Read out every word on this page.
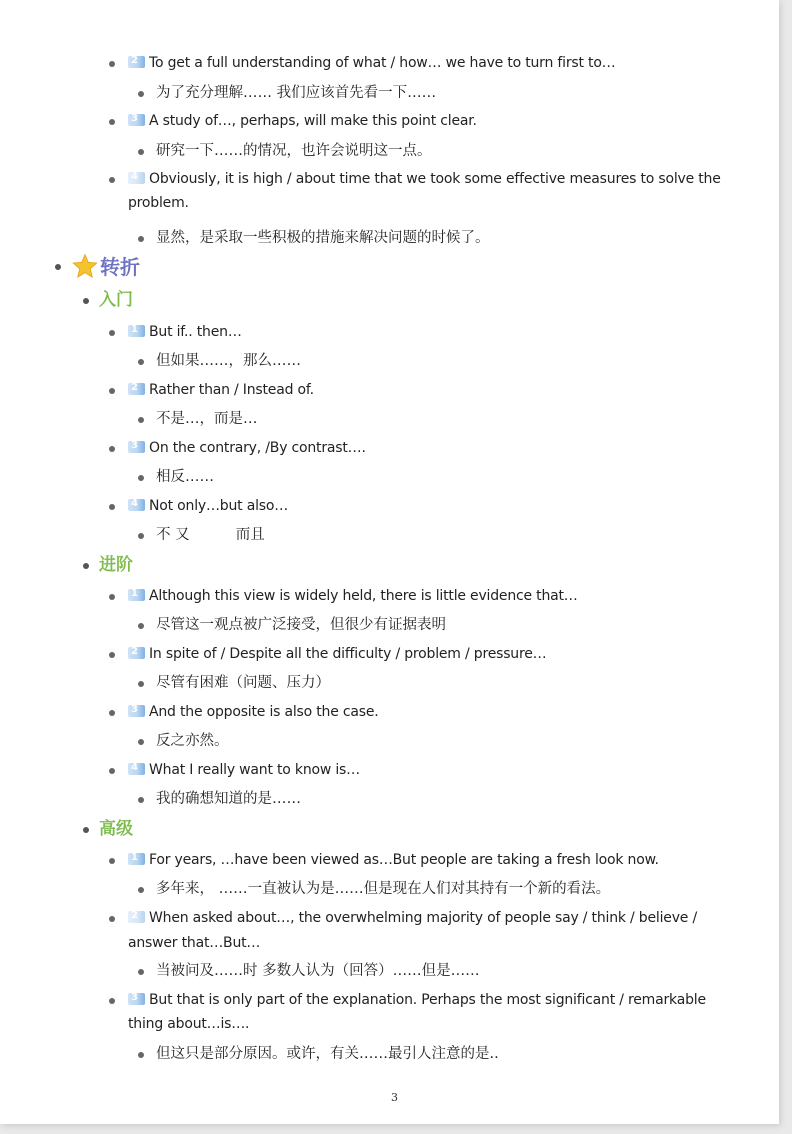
2 To get a full understanding of what / how… we have to turn first to…
为了充分理解…… 我们应该首先看一下……
3 A study of…, perhaps, will make this point clear.
研究一下……的情况，也许会说明这一点。
4 Obviously, it is high / about time that we took some effective measures to solve the
problem.
显然，是采取一些积极的措施来解决问题的时候了。
转折
入门
1 But if.. then…
但如果……，那么……
2 Rather than / Instead of.
不是…，而是…
3 On the contrary, /By contrast….
相反……
4 Not only…but also…
不 又          而且
进阶
1 Although this view is widely held, there is little evidence that…
尽管这一观点被广泛接受，但很少有证据表明
2 In spite of / Despite all the difficulty / problem / pressure…
尽管有困难（问题、压力）
3 And the opposite is also the case.
反之亦然。
4 What I really want to know is…
我的确想知道的是……
高级
1 For years, …have been viewed as…But people are taking a fresh look now.
多年来， ……一直被认为是……但是现在人们对其持有一个新的看法。
2 When asked about…, the overwhelming majority of people say / think / believe /
answer that…But…
当被问及……时 多数人认为（回答）……但是……
3 But that is only part of the explanation. Perhaps the most significant / remarkable
thing about…is….
但这只是部分原因。或许，有关……最引人注意的是..
3
